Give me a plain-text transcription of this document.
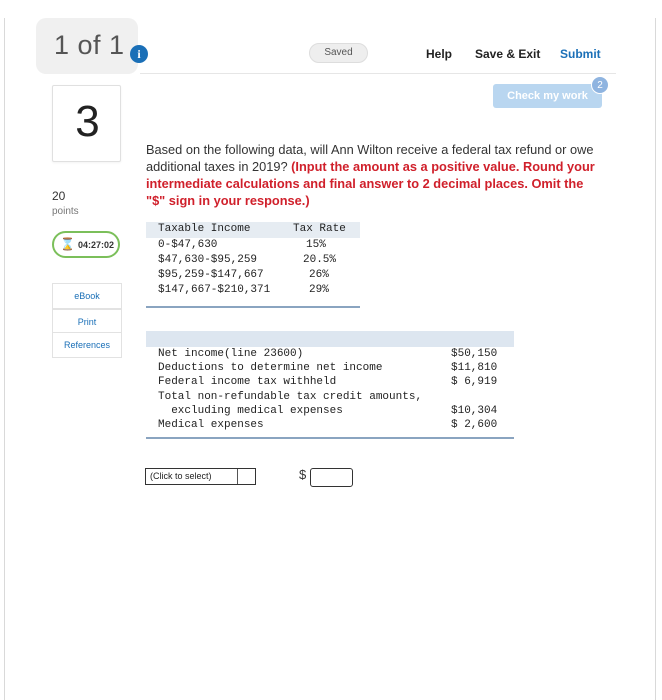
1 of 1	i	Saved	Help Save & Exit Submit
Check my work
2
3
20
points
⌛ 04:27:02
eBook
Print
References
Based on the following data, will Ann Wilton receive a federal tax refund or owe additional taxes in 2019? (Input the amount as a positive value. Round your intermediate calculations and final answer to 2 decimal places. Omit the "$" sign in your response.)
Taxable Income	Tax Rate
0-$47,630	15%
$47,630-$95,259	20.5%
$95,259-$147,667	26%
$147,667-$210,371	29%
Net income(line 23600)	$50,150
Deductions to determine net income	$11,810
Federal income tax withheld	$ 6,919
Total non-refundable tax credit amounts,
excluding medical expenses	$10,304
Medical expenses	$ 2,600
(Click to select)	$
